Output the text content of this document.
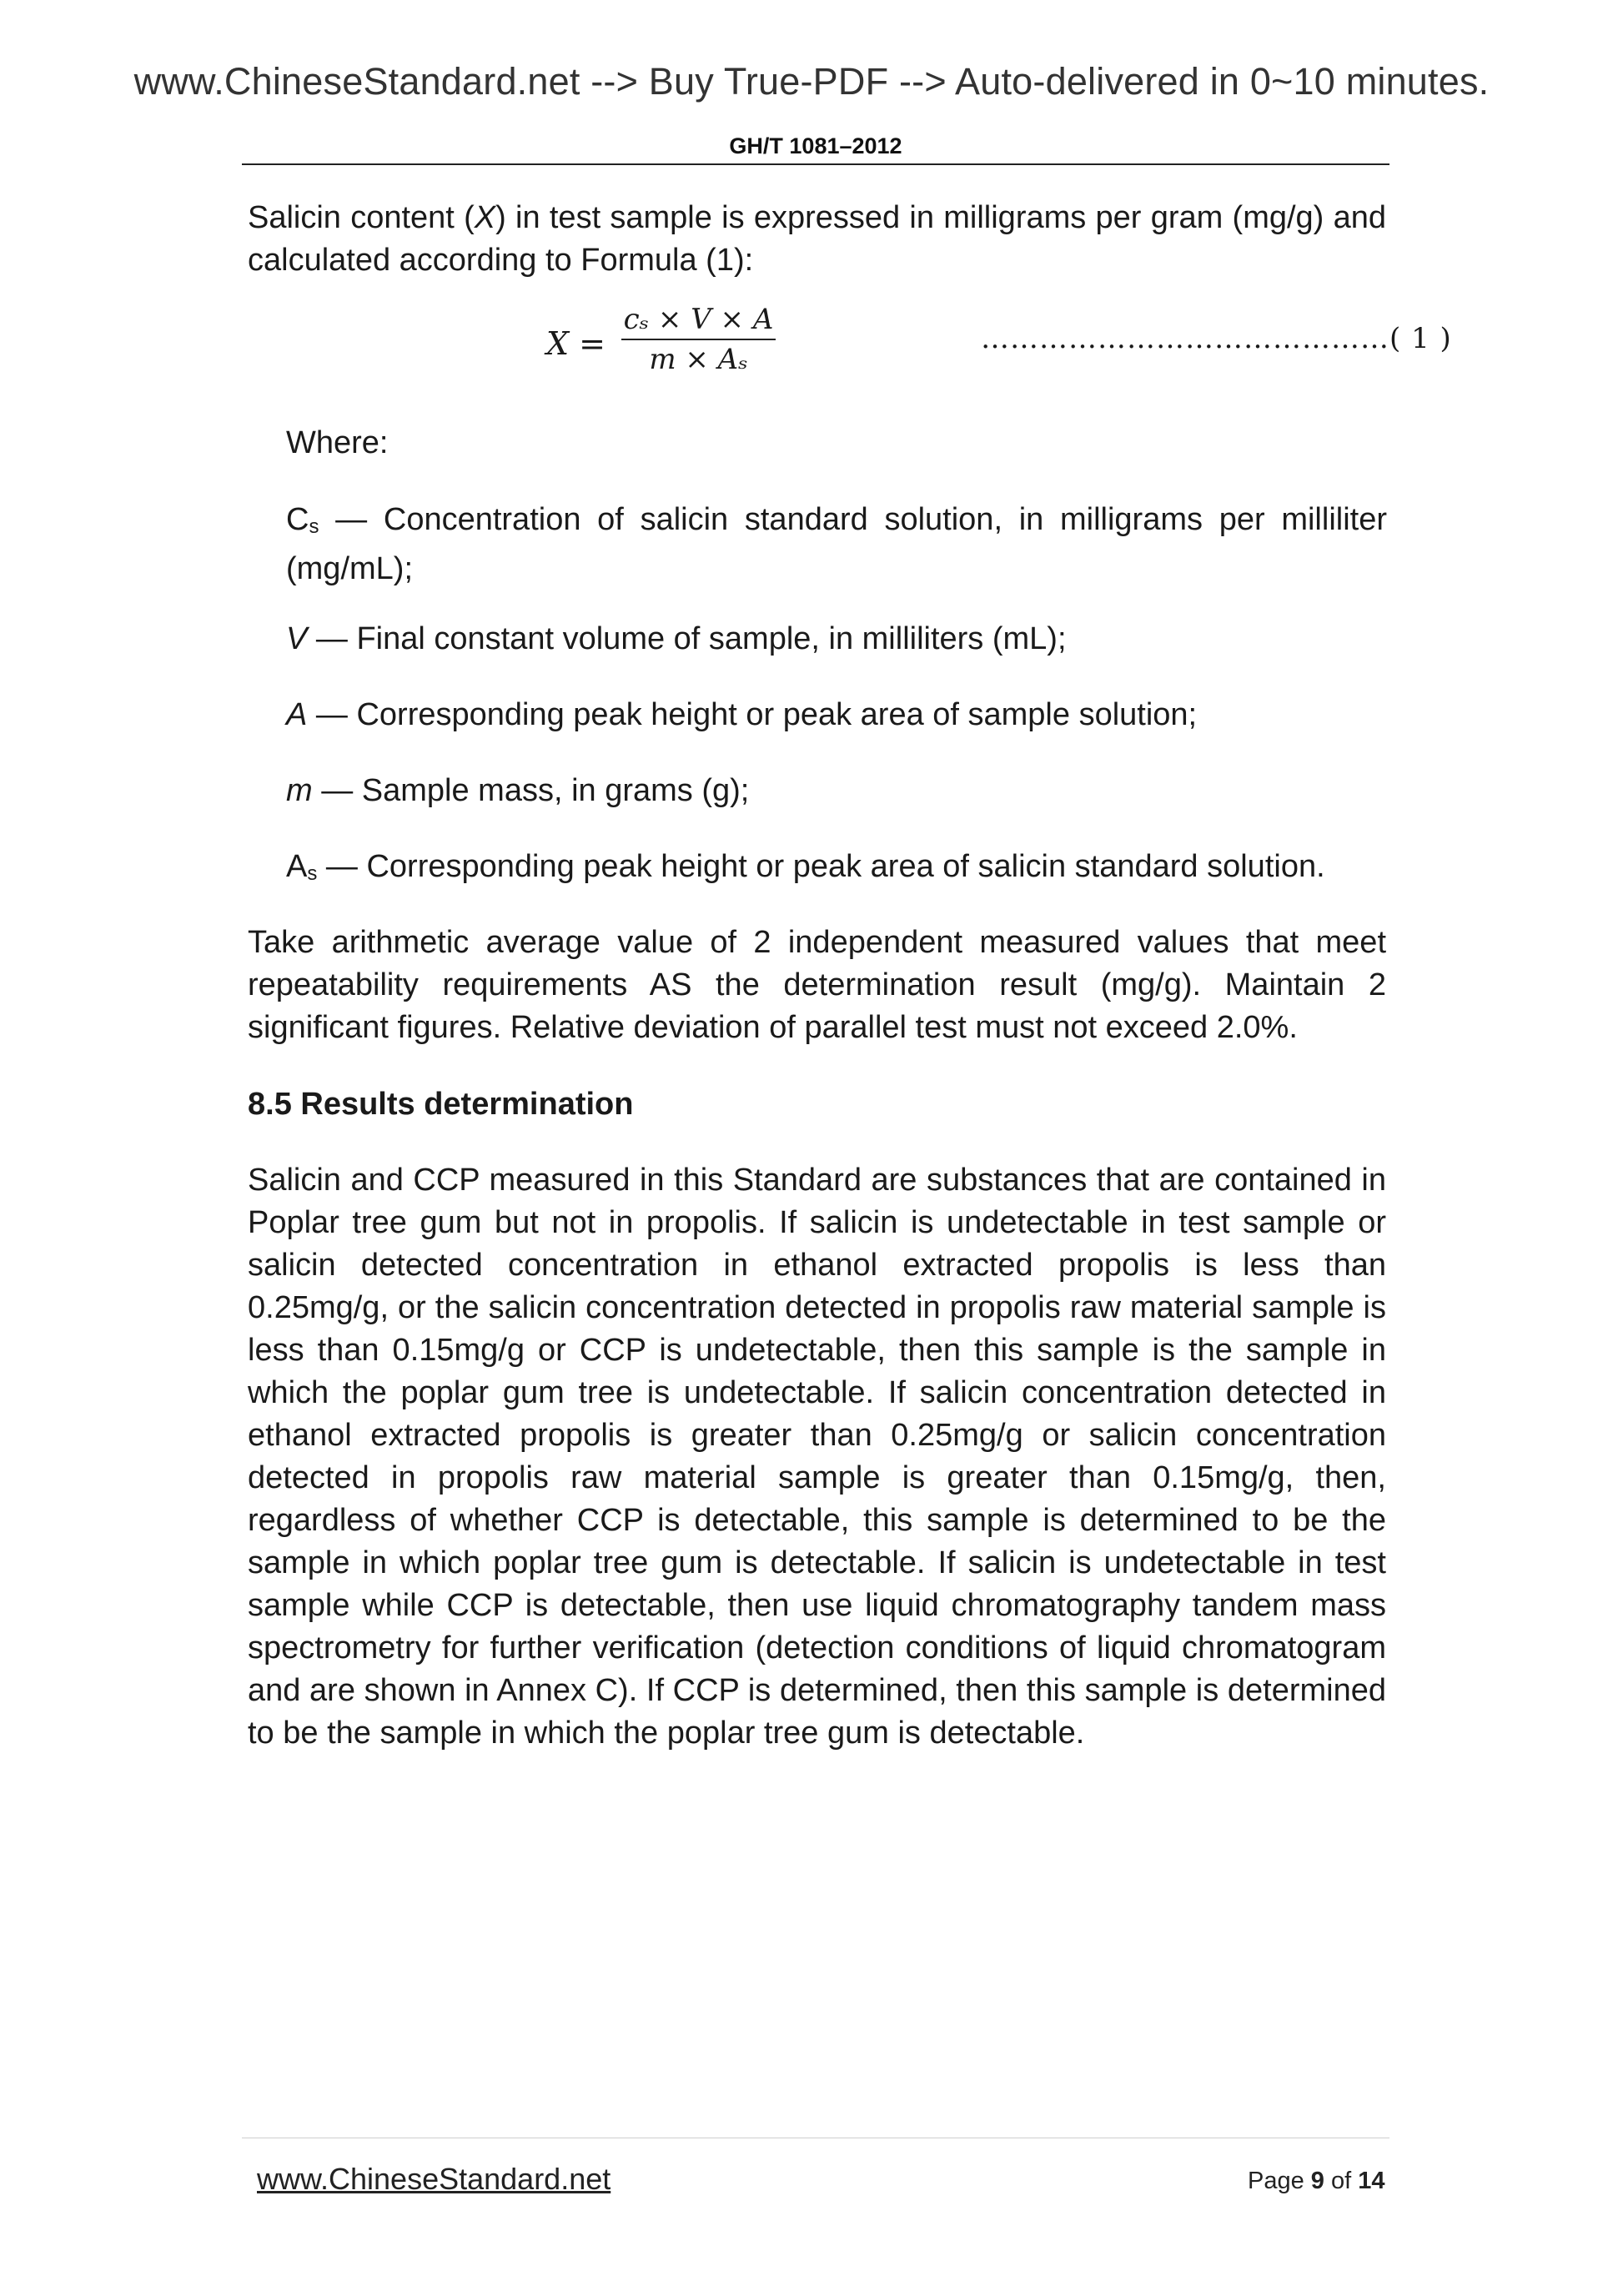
www.ChineseStandard.net --> Buy True-PDF --> Auto-delivered in 0~10 minutes.
GH/T 1081–2012
Salicin content (X) in test sample is expressed in milligrams per gram (mg/g) and calculated according to Formula (1):
X =
cₛ × V × A
m × Aₛ
……………………………………( 1 )
Where:
$C_s$ — Concentration of salicin standard solution, in milligrams per milliliter (mg/mL);
V — Final constant volume of sample, in milliliters (mL);
A — Corresponding peak height or peak area of sample solution;
m — Sample mass, in grams (g);
$A_s$ — Corresponding peak height or peak area of salicin standard solution.
Take arithmetic average value of 2 independent measured values that meet repeatability requirements AS the determination result (mg/g). Maintain 2 significant figures. Relative deviation of parallel test must not exceed 2.0%.
8.5 Results determination
Salicin and CCP measured in this Standard are substances that are contained in Poplar tree gum but not in propolis. If salicin is undetectable in test sample or salicin detected concentration in ethanol extracted propolis is less than 0.25mg/g, or the salicin concentration detected in propolis raw material sample is less than 0.15mg/g or CCP is undetectable, then this sample is the sample in which the poplar gum tree is undetectable. If salicin concentration detected in ethanol extracted propolis is greater than 0.25mg/g or salicin concentration detected in propolis raw material sample is greater than 0.15mg/g, then, regardless of whether CCP is detectable, this sample is determined to be the sample in which poplar tree gum is detectable. If salicin is undetectable in test sample while CCP is detectable, then use liquid chromatography tandem mass spectrometry for further verification (detection conditions of liquid chromatogram and are shown in Annex C). If CCP is determined, then this sample is determined to be the sample in which the poplar tree gum is detectable.
www.ChineseStandard.net	Page 9 of 14
